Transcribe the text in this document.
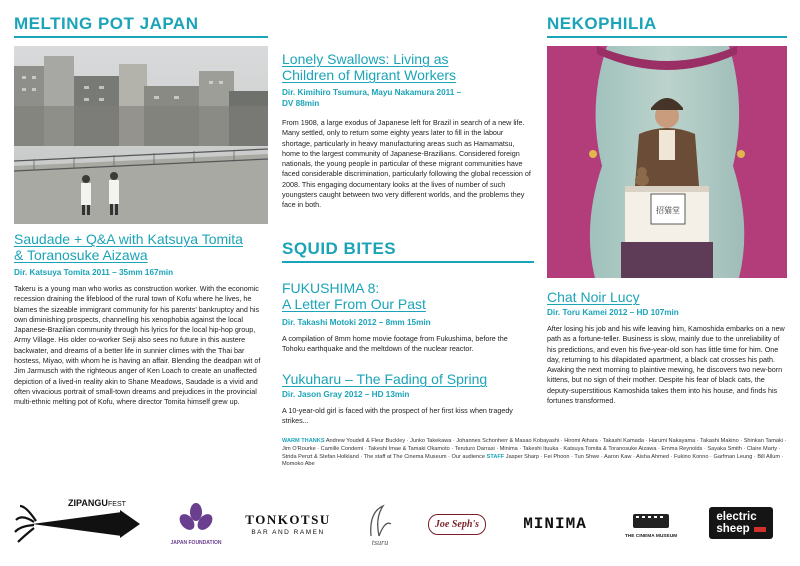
MELTING POT JAPAN
Saudade + Q&A with Katsuya Tomita
& Toranosuke Aizawa
Dir. Katsuya Tomita 2011 – 35mm 167min
Takeru is a young man who works as construction worker. With the economic recession draining the lifeblood of the rural town of Kofu where he lives, he blames the sizeable immigrant community for his parents' bankruptcy and his own diminishing prospects, channelling his xenophobia against the local Japanese-Brazilian community through his lyrics for the local hip-hop group, Army Village. His older co-worker Seiji also sees no future in this austere backwater, and dreams of a better life in sunnier climes with the Thai bar hostess, Miyao, with whom he is having an affair. Blending the deadpan wit of Jim Jarmusch with the righteous anger of Ken Loach to create an unaffected depiction of a lived-in reality akin to Shane Meadows, Saudade is a vivid and often vivacious portrait of small-town dreams and prejudices in the provincial multi-ethnic melting pot of Kofu, where director Tomita himself grew up.
Lonely Swallows: Living as
Children of Migrant Workers
Dir. Kimihiro Tsumura, Mayu Nakamura 2011 –
DV 88min
From 1908, a large exodus of Japanese left for Brazil in search of a new life. Many settled, only to return some eighty years later to fill in the labour shortage, particularly in heavy manufacturing areas such as Hamamatsu, home to the largest community of Japanese-Brazilians. Considered foreign nationals, the young people in particular of these migrant communities have faced considerable discrimination, particularly following the global recession of 2008. This engaging documentary looks at the lives of number of such youngsters caught between two very different worlds, and the problems they face in both.
SQUID BITES
FUKUSHIMA 8:
A Letter From Our Past
Dir. Takashi Motoki 2012 – 8mm 15min
A compilation of 8mm home movie footage from Fukushima, before the Tohoku earthquake and the meltdown of the nuclear reactor.
Yukuharu – The Fading of Spring
Dir. Jason Gray 2012 – HD 13min
A 10-year-old girl is faced with the prospect of her first kiss when tragedy strikes...
NEKOPHILIA
招猫堂
Chat Noir Lucy
Dir. Toru Kamei 2012 – HD 107min
After losing his job and his wife leaving him, Kamoshida embarks on a new path as a fortune-teller. Business is slow, mainly due to the unreliability of his predictions, and even his five-year-old son has little time for him. One day, returning to his dilapidated apartment, a black cat crosses his path. Awaking the next morning to plaintive mewing, he discovers two new-born kittens, but no sign of their mother. Despite his fear of black cats, the deputy-superstitious Kamoshida takes them into his house, and finds his fortunes transformed.
WARM THANKS Andrew Youdell & Fleur Buckley · Junko Takekawa · Johannes Schonherr & Masao Kobayashi · Hiromi Aihara · Takashi Kamada · Harumi Nakayama · Takashi Makino · Shinkan Tamaki · Jim O'Rourke · Camille Condemi · Takeshi Imae & Tamaki Okamoto · Teruturo Darrasi · Minima · Takeshi Ituuka · Katsuya Tomita & Toranosuke Aizawa · Emma Reynolds · Sayaka Smith · Claire Marty · Strida Penzt & Stefan Holkland · The staff at The Cinema Museum · Our audience STAFF Jasper Sharp · Fei Phoon · Tun Shwe · Aaron Kaw · Aisha Ahmed · Fukino Konno · Garfman Leung · Bill Allum · Momoko Abe
ZIPANGU FEST
JAPAN FOUNDATION
TONKOTSU
BAR AND RAMEN
tsuru
Joe Seph's	MINIMA
THE CINEMA MUSEUM
electric
sheep
